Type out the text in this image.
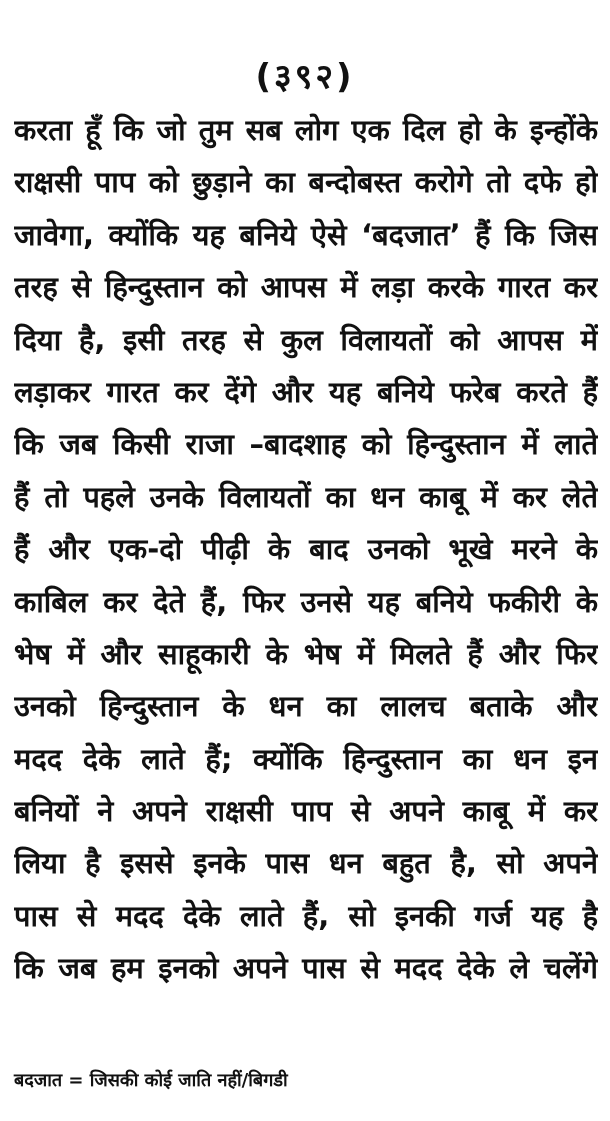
(३९२)
करता हूँ कि जो तुम सब लोग एक दिल हो के इन्होंके
राक्षसी पाप को छुड़ाने का बन्दोबस्त करोगे तो दफे हो
जावेगा, क्योंकि यह बनिये ऐसे ‘बदजात’ हैं कि जिस
तरह से हिन्दुस्तान को आपस में लड़ा करके गारत कर
दिया है, इसी तरह से कुल विलायतों को आपस में
लड़ाकर गारत कर देंगे और यह बनिये फरेब करते हैं
कि जब किसी राजा –बादशाह को हिन्दुस्तान में लाते
हैं तो पहले उनके विलायतों का धन काबू में कर लेते
हैं और एक-दो पीढ़ी के बाद उनको भूखे मरने के
काबिल कर देते हैं, फिर उनसे यह बनिये फकीरी के
भेष में और साहूकारी के भेष में मिलते हैं और फिर
उनको हिन्दुस्तान के धन का लालच बताके और
मदद देके लाते हैं; क्योंकि हिन्दुस्तान का धन इन
बनियों ने अपने राक्षसी पाप से अपने काबू में कर
लिया है इससे इनके पास धन बहुत है, सो अपने
पास से मदद देके लाते हैं, सो इनकी गर्ज यह है
कि जब हम इनको अपने पास से मदद देके ले चलेंगे
बदजात = जिसकी कोई जाति नहीं/बिगडी
